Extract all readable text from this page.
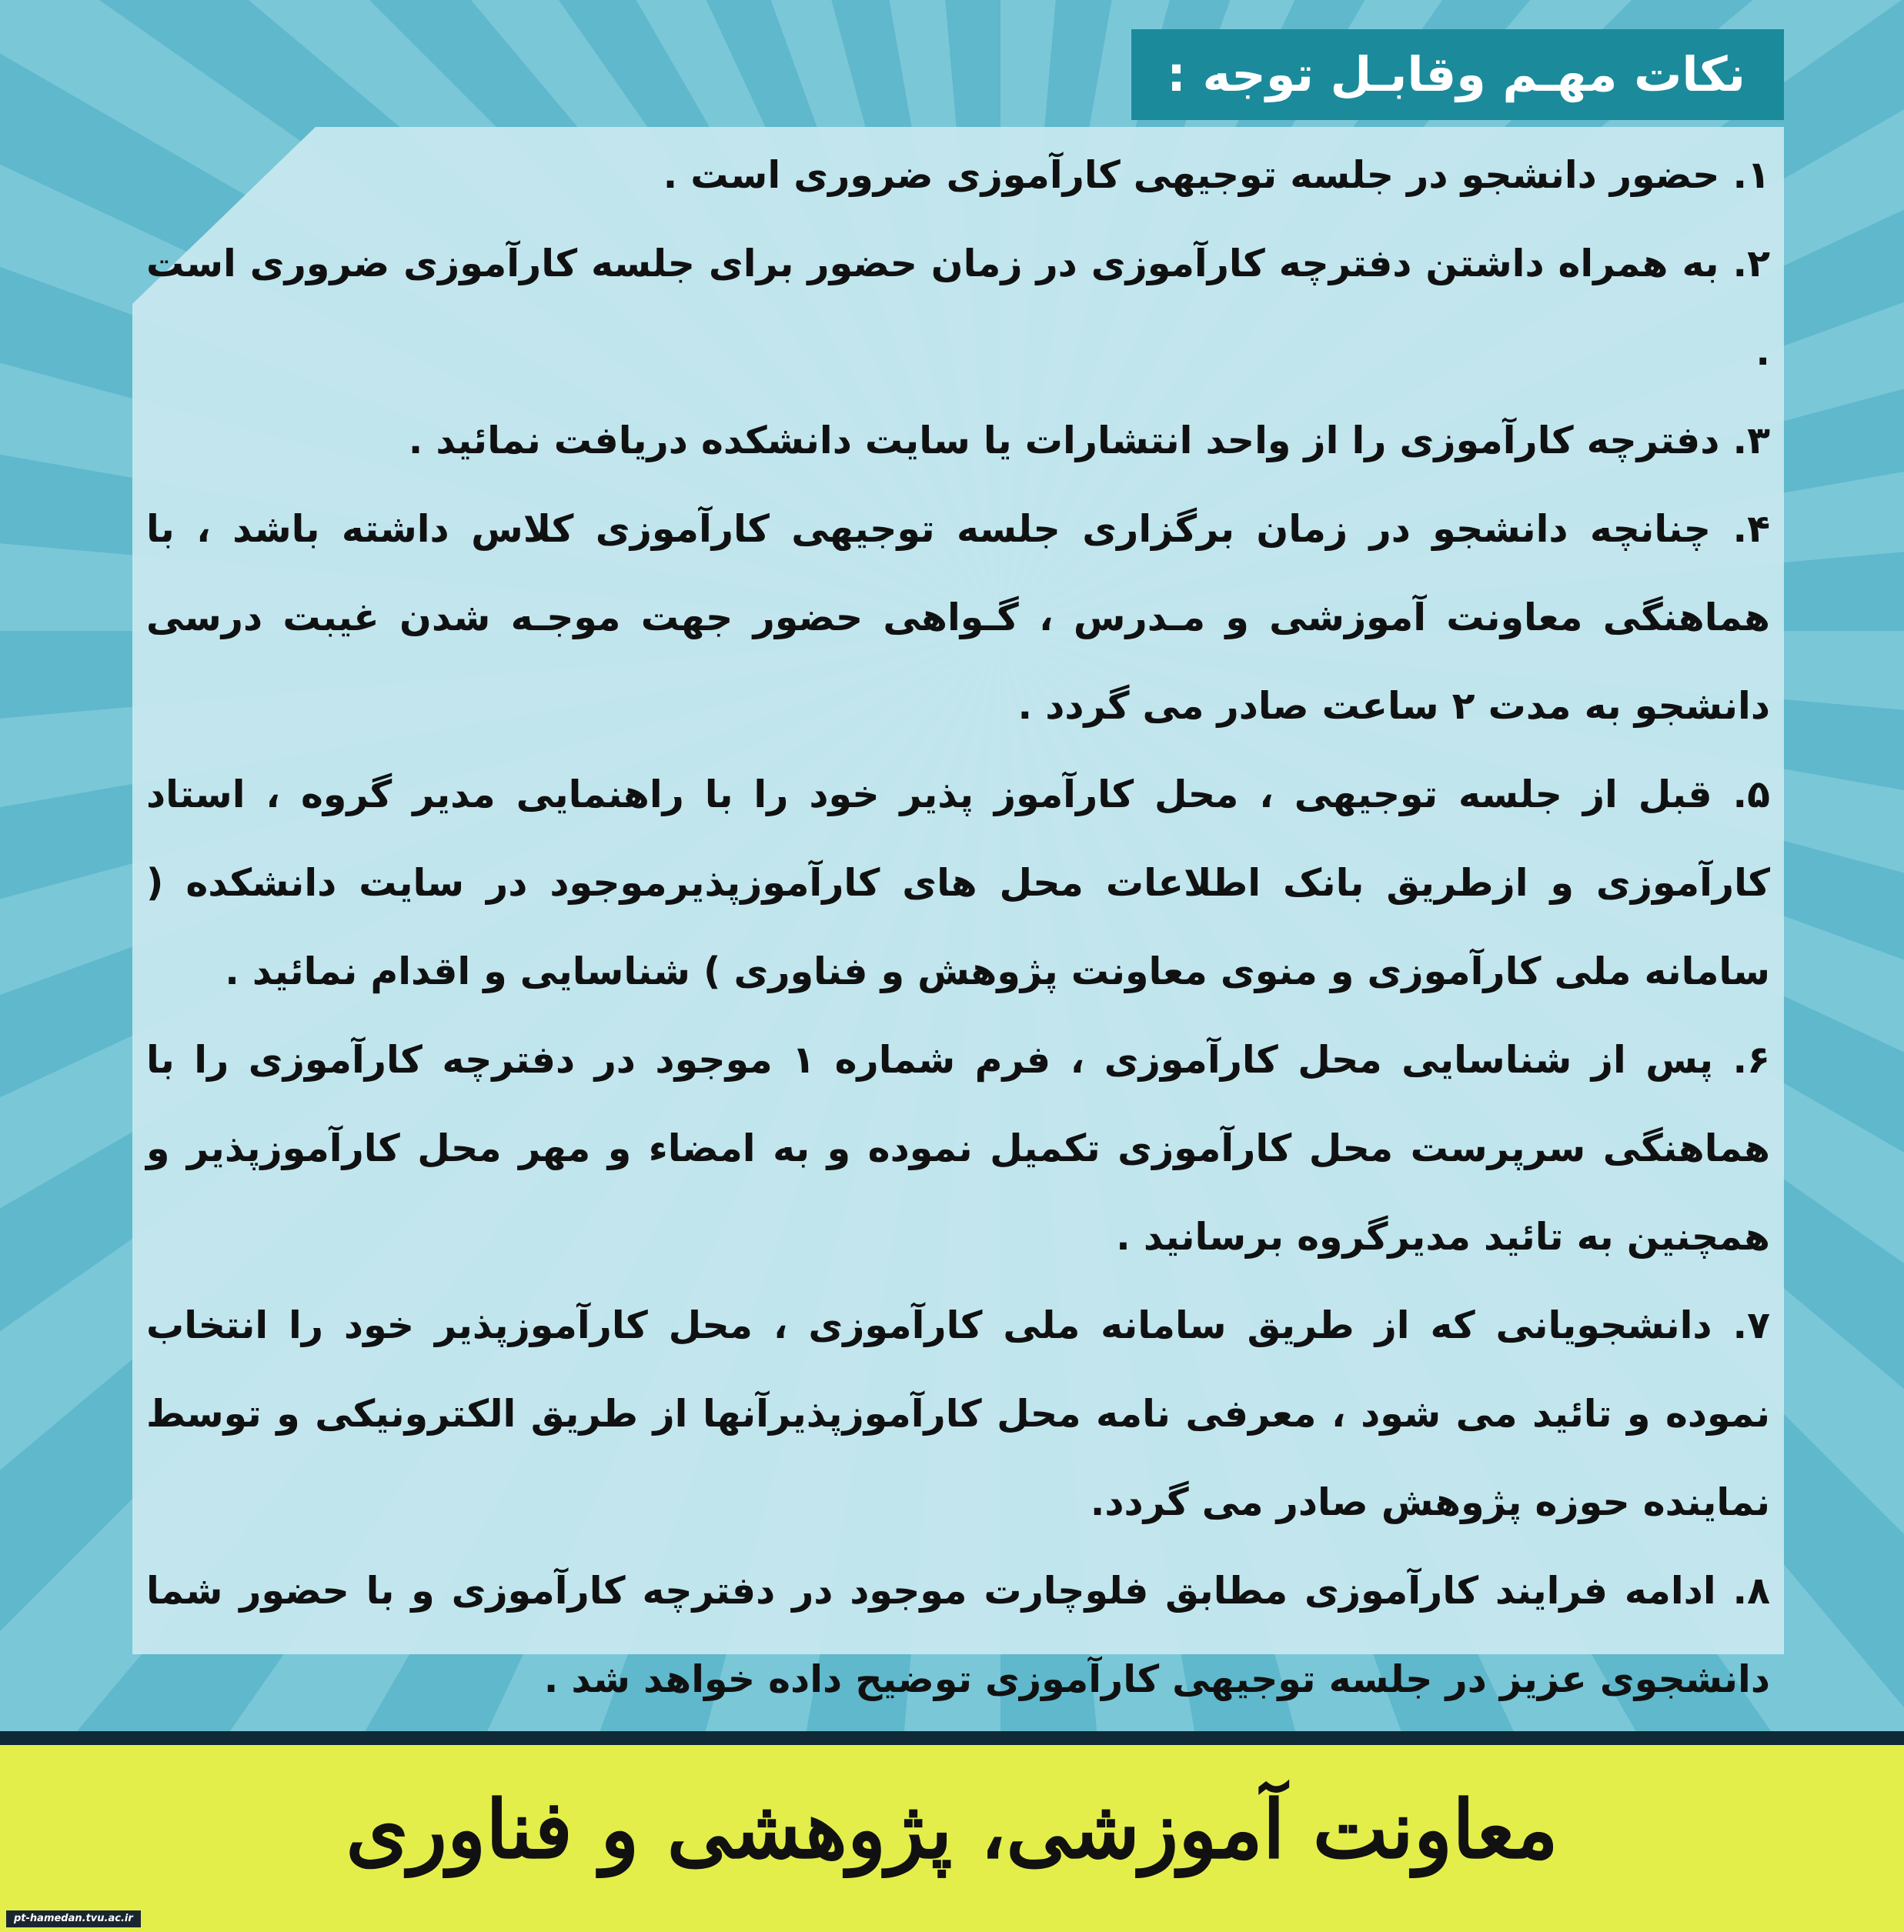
نکات مهـم وقابـل توجه :
۱. حضور دانشجو در جلسه توجیهی کارآموزی ضروری است .
۲. به همراه داشتن دفترچه کارآموزی در زمان حضور برای جلسه کارآموزی ضروری است .
۳. دفترچه کارآموزی را از واحد انتشارات یا سایت دانشکده دریافت نمائید .
۴. چنانچه دانشجو در زمان برگزاری جلسه توجیهی کارآموزی کلاس داشته باشد ، با هماهنگی معاونت آموزشی و مـدرس ، گـواهی حضور جهت موجـه شدن غیبت درسی دانشجو به مدت ۲ ساعت صادر می گردد .
۵. قبل از جلسه توجیهی ، محل کارآموز پذیر خود را با راهنمایی مدیر گروه ، استاد کارآموزی و ازطریق بانک اطلاعات محل های کارآموزپذیرموجود در سایت دانشکده ( سامانه ملی کارآموزی و منوی معاونت پژوهش و فناوری ) شناسایی و اقدام نمائید .
۶. پس از شناسایی محل کارآموزی ، فرم شماره ۱ موجود در دفترچه کارآموزی را با هماهنگی سرپرست محل کارآموزی تکمیل نموده و به امضاء و مهر محل کارآموزپذیر و همچنین به تائید مدیرگروه برسانید .
۷. دانشجویانی که از طریق سامانه ملی کارآموزی ، محل کارآموزپذیر خود را انتخاب نموده و تائید می شود ، معرفی نامه محل کارآموزپذیرآنها از طریق الکترونیکی و توسط نماینده حوزه پژوهش صادر می گردد.
۸. ادامه فرایند کارآموزی مطابق فلوچارت موجود در دفترچه کارآموزی و با حضور شما دانشجوی عزیز در جلسه توجیهی کارآموزی توضیح داده خواهد شد .
معاونت آموزشی، پژوهشی و فناوری
pt-hamedan.tvu.ac.ir
